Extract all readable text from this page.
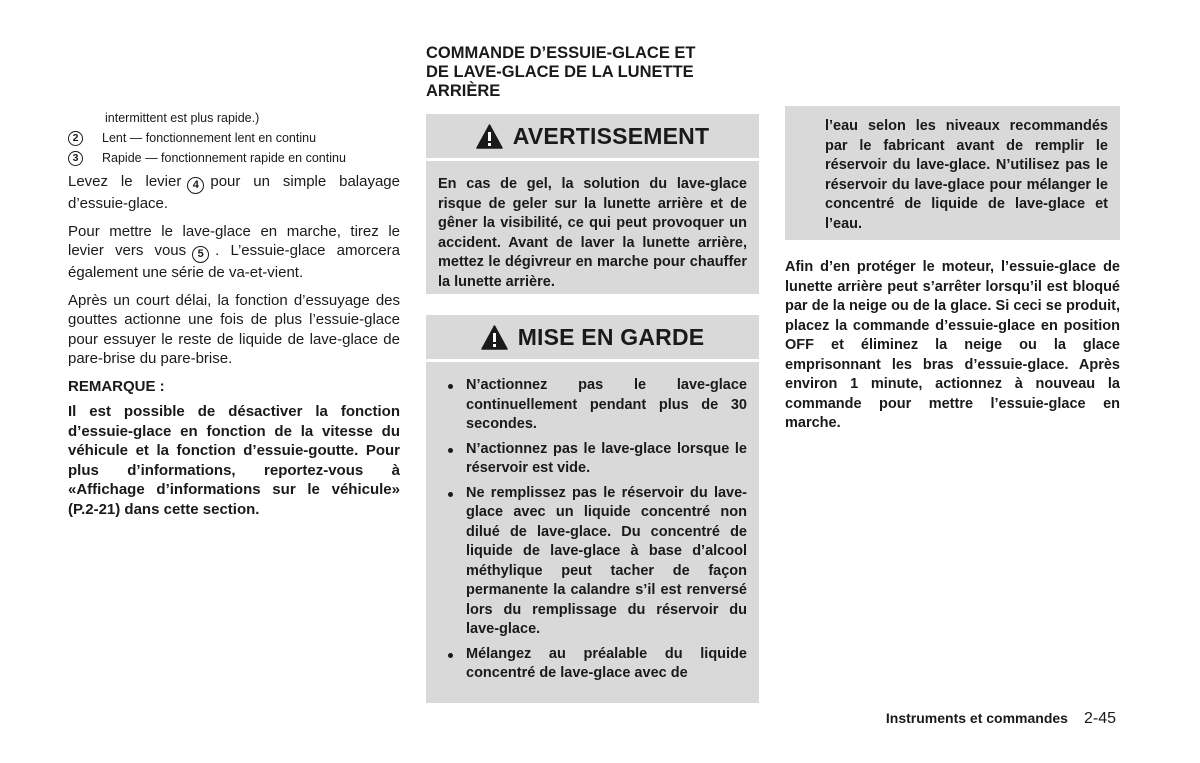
intermittent est plus rapide.)
2	Lent — fonctionnement lent en continu
3	Rapide — fonctionnement rapide en continu

Levez le levier 4 pour un simple balayage d’essuie-glace.

Pour mettre le lave-glace en marche, tirez le levier vers vous 5 . L’essuie-glace amorcera également une série de va-et-vient.

Après un court délai, la fonction d’essuyage des gouttes actionne une fois de plus l’essuie-glace pour essuyer le reste de liquide de lave-glace de pare-brise du pare-brise.

REMARQUE :

Il est possible de désactiver la fonction d’essuie-glace en fonction de la vitesse du véhicule et la fonction d’essuie-goutte. Pour plus d’informations, reportez-vous à «Affichage d’informations sur le véhicule» (P.2-21) dans cette section.

COMMANDE D’ESSUIE-GLACE ET
DE LAVE-GLACE DE LA LUNETTE
ARRIÈRE
AVERTISSEMENT
En cas de gel, la solution du lave-glace risque de geler sur la lunette arrière et de gêner la visibilité, ce qui peut provoquer un accident. Avant de laver la lunette arrière, mettez le dégivreur en marche pour chauffer la lunette arrière.
MISE EN GARDE
N’actionnez pas le lave-glace continuellement pendant plus de 30 secondes.
N’actionnez pas le lave-glace lorsque le réservoir est vide.
Ne remplissez pas le réservoir du lave-glace avec un liquide concentré non dilué de lave-glace. Du concentré de liquide de lave-glace à base d’alcool méthylique peut tacher de façon permanente la calandre s’il est renversé lors du remplissage du réservoir du lave-glace.
Mélangez au préalable du liquide concentré de lave-glace avec de
l’eau selon les niveaux recommandés par le fabricant avant de remplir le réservoir du lave-glace. N’utilisez pas le réservoir du lave-glace pour mélanger le concentré de liquide de lave-glace et l’eau.
Afin d’en protéger le moteur, l’essuie-glace de lunette arrière peut s’arrêter lorsqu’il est bloqué par de la neige ou de la glace. Si ceci se produit, placez la commande d’essuie-glace en position OFF et éliminez la neige ou la glace emprisonnant les bras d’essuie-glace. Après environ 1 minute, actionnez à nouveau la commande pour mettre l’essuie-glace en marche.
Instruments et commandes 2-45
